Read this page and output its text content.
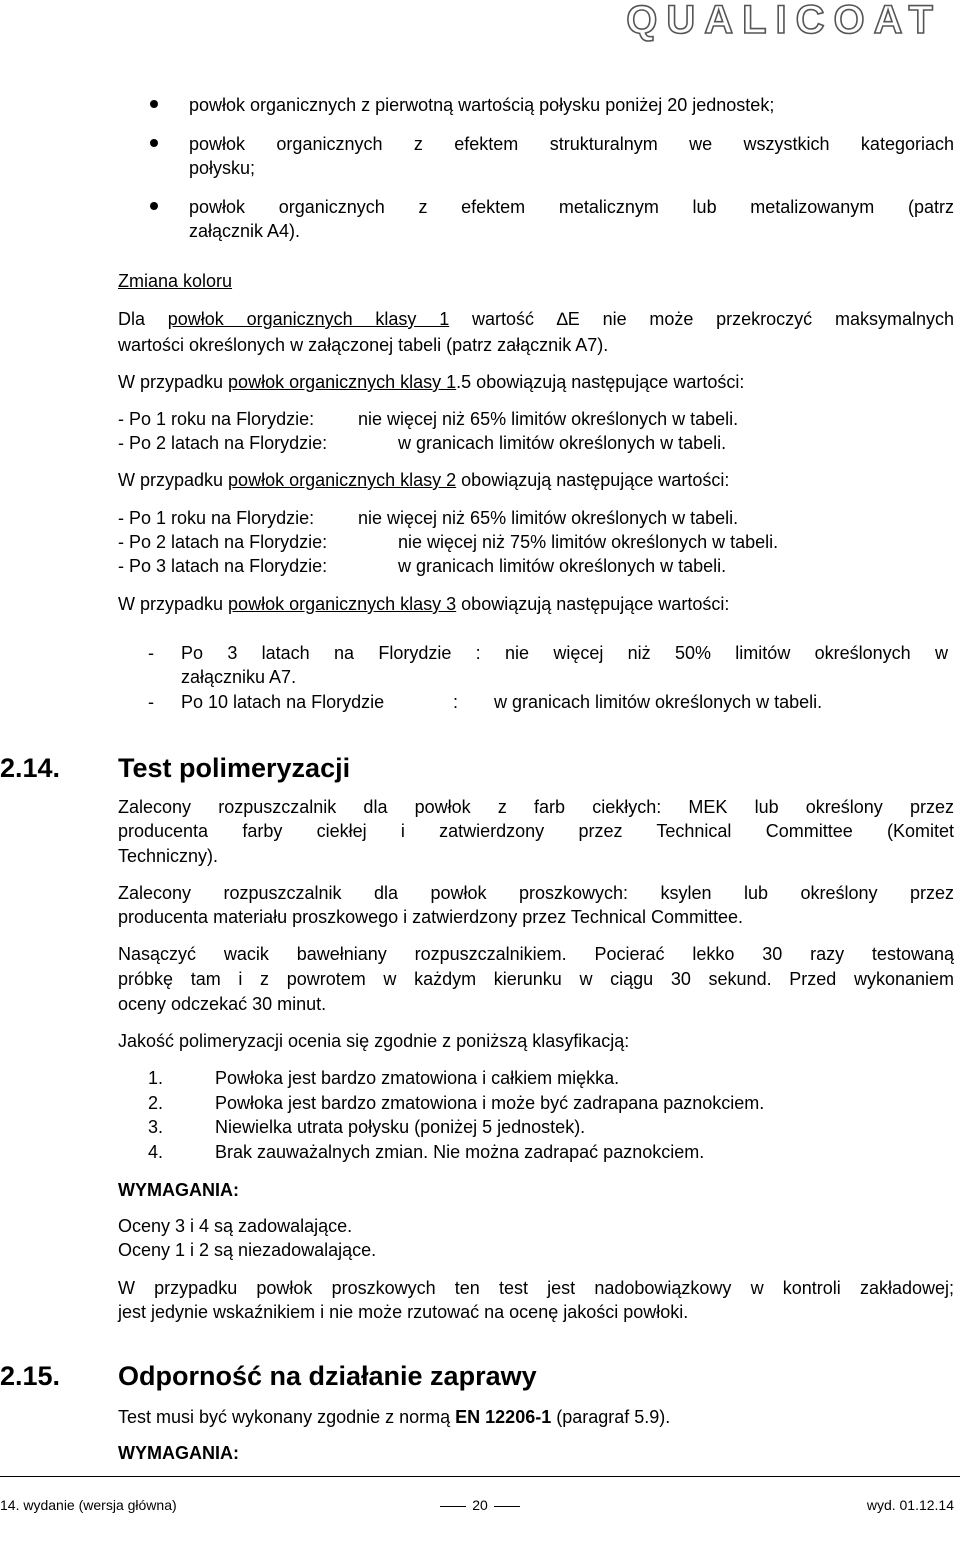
QUALICOAT
powłok organicznych z pierwotną wartością połysku poniżej 20 jednostek;
powłok organicznych z efektem strukturalnym we wszystkich kategoriach
połysku;
powłok organicznych z efektem metalicznym lub metalizowanym (patrz
załącznik A4).
Zmiana koloru
Dla powłok organicznych klasy 1 wartość ∆E nie może przekroczyć maksymalnych
wartości określonych w załączonej tabeli (patrz załącznik A7).
W przypadku powłok organicznych klasy 1.5 obowiązują następujące wartości:
- Po 1 roku na Florydzie: nie więcej niż 65% limitów określonych w tabeli.
- Po 2 latach na Florydzie:	w granicach limitów określonych w tabeli.
W przypadku powłok organicznych klasy 2 obowiązują następujące wartości:
- Po 1 roku na Florydzie: nie więcej niż 65% limitów określonych w tabeli.
- Po 2 latach na Florydzie:	nie więcej niż 75% limitów określonych w tabeli.
- Po 3 latach na Florydzie:	w granicach limitów określonych w tabeli.
W przypadku powłok organicznych klasy 3 obowiązują następujące wartości:
- Po 3 latach na Florydzie : nie więcej niż 50% limitów określonych w
załączniku A7.
- Po 10 latach na Florydzie	: w granicach limitów określonych w tabeli.
2.14. Test polimeryzacji
Zalecony rozpuszczalnik dla powłok z farb ciekłych: MEK lub określony przez
producenta farby ciekłej i zatwierdzony przez Technical Committee (Komitet
Techniczny).
Zalecony rozpuszczalnik dla powłok proszkowych: ksylen lub określony przez
producenta materiału proszkowego i zatwierdzony przez Technical Committee.
Nasączyć wacik bawełniany rozpuszczalnikiem. Pocierać lekko 30 razy testowaną
próbkę tam i z powrotem w każdym kierunku w ciągu 30 sekund. Przed wykonaniem
oceny odczekać 30 minut.
Jakość polimeryzacji ocenia się zgodnie z poniższą klasyfikacją:
1.	Powłoka jest bardzo zmatowiona i całkiem miękka.
2.	Powłoka jest bardzo zmatowiona i może być zadrapana paznokciem.
3.	Niewielka utrata połysku (poniżej 5 jednostek).
4.	Brak zauważalnych zmian. Nie można zadrapać paznokciem.
WYMAGANIA:
Oceny 3 i 4 są zadowalające.
Oceny 1 i 2 są niezadowalające.
W przypadku powłok proszkowych ten test jest nadobowiązkowy w kontroli zakładowej;
jest jedynie wskaźnikiem i nie może rzutować na ocenę jakości powłoki.
2.15. Odporność na działanie zaprawy
Test musi być wykonany zgodnie z normą EN 12206-1 (paragraf 5.9).
WYMAGANIA:
14. wydanie (wersja główna)	20	wyd. 01.12.14
